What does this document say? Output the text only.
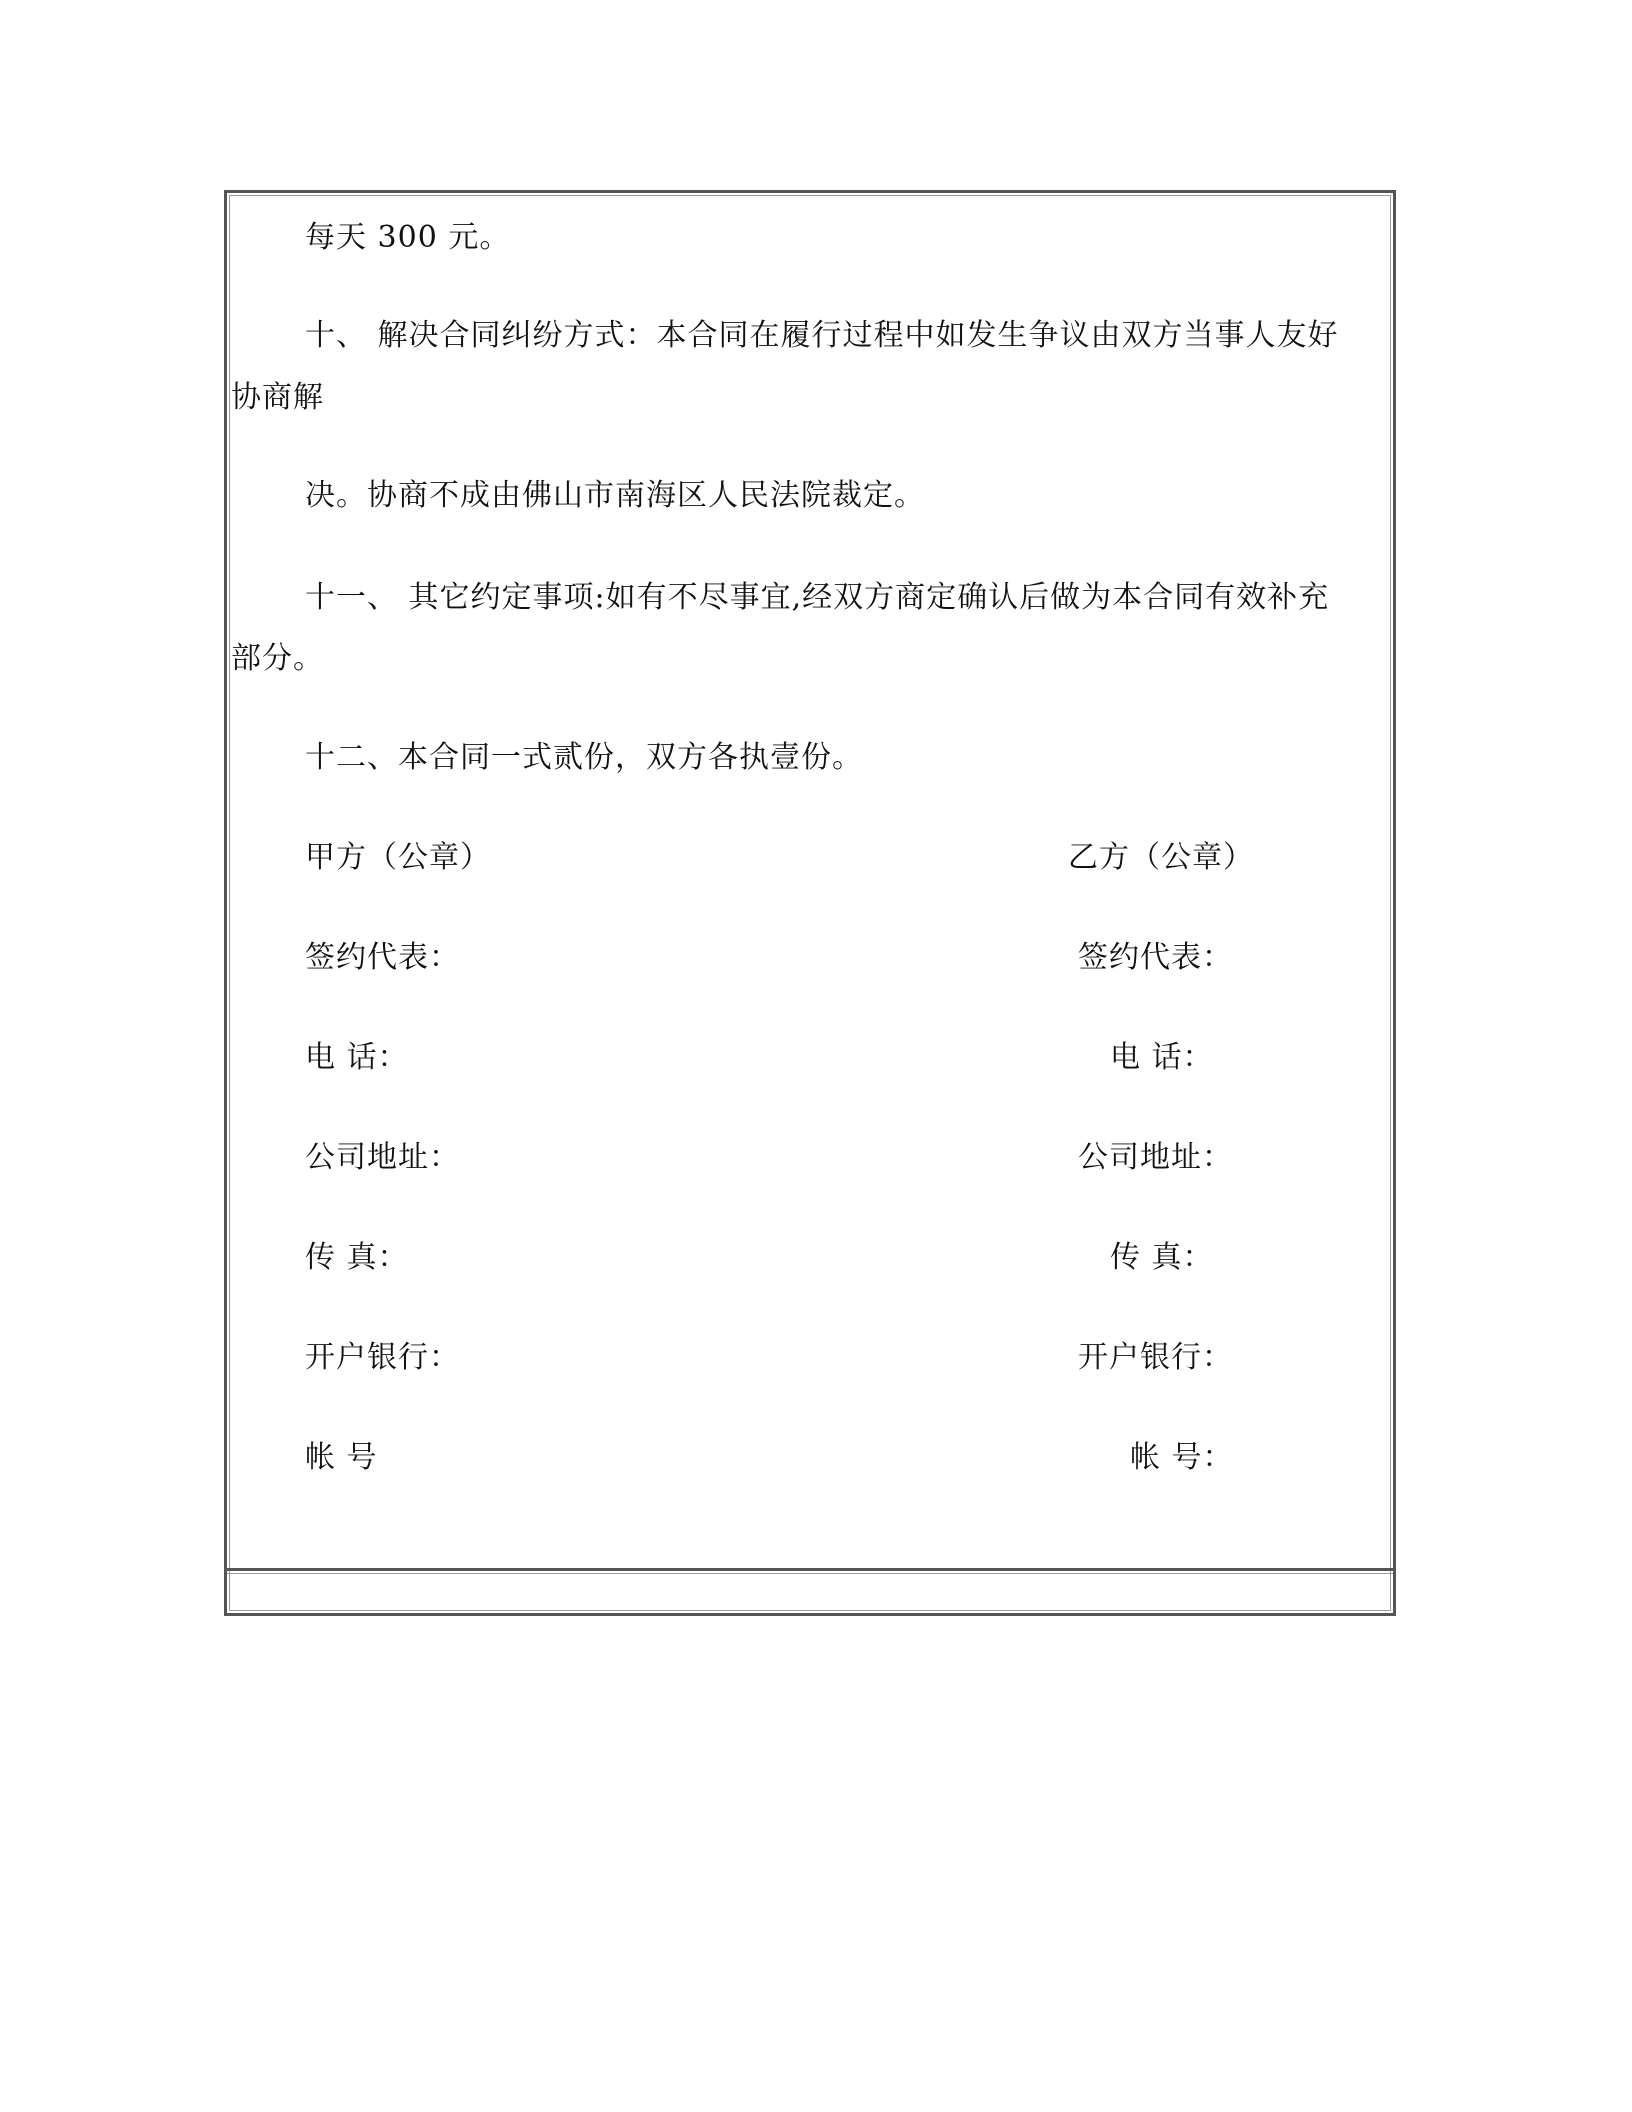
每天 300 元。
十、 解决合同纠纷方式：本合同在履行过程中如发生争议由双方当事人友好
协商解
决。协商不成由佛山市南海区人民法院裁定。
十一、 其它约定事项:如有不尽事宜,经双方商定确认后做为本合同有效补充
部分。
十二、本合同一式贰份，双方各执壹份。
甲方（公章）
签约代表：
电 话：
公司地址：
传 真：
开户银行：
帐 号
乙方（公章）
签约代表：
电 话：
公司地址：
传 真：
开户银行：
帐 号：
